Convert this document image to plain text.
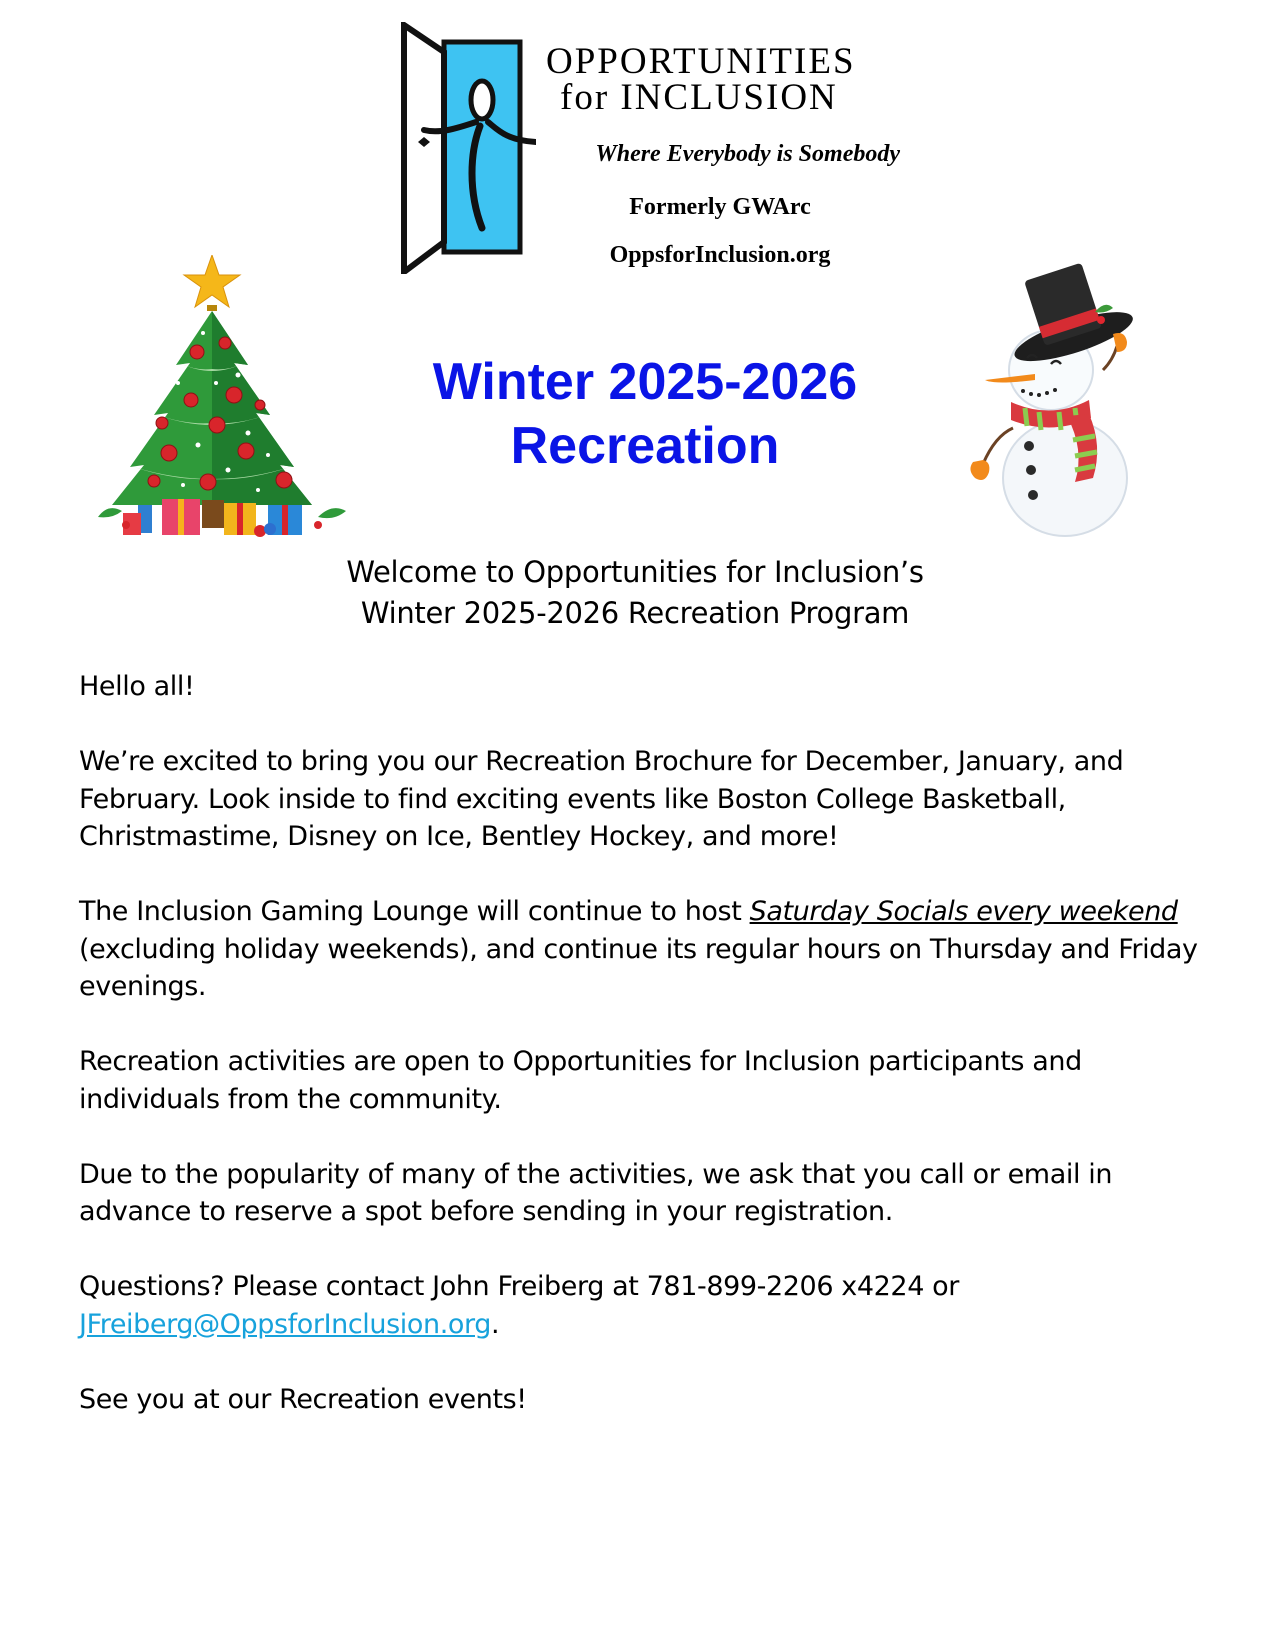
OPPORTUNITIES
for INCLUSION
Where Everybody is Somebody
Formerly GWArc
OppsforInclusion.org
Winter 2025-2026
Recreation
Welcome to Opportunities for Inclusion’s
Winter 2025-2026 Recreation Program

Hello all!

We’re excited to bring you our Recreation Brochure for December, January, and February. Look inside to find exciting events like Boston College Basketball, Christmastime, Disney on Ice, Bentley Hockey, and more!

The Inclusion Gaming Lounge will continue to host Saturday Socials every weekend (excluding holiday weekends), and continue its regular hours on Thursday and Friday evenings.

Recreation activities are open to Opportunities for Inclusion participants and individuals from the community.

Due to the popularity of many of the activities, we ask that you call or email in advance to reserve a spot before sending in your registration.

Questions? Please contact John Freiberg at 781-899-2206 x4224 or JFreiberg@OppsforInclusion.org.

See you at our Recreation events!
